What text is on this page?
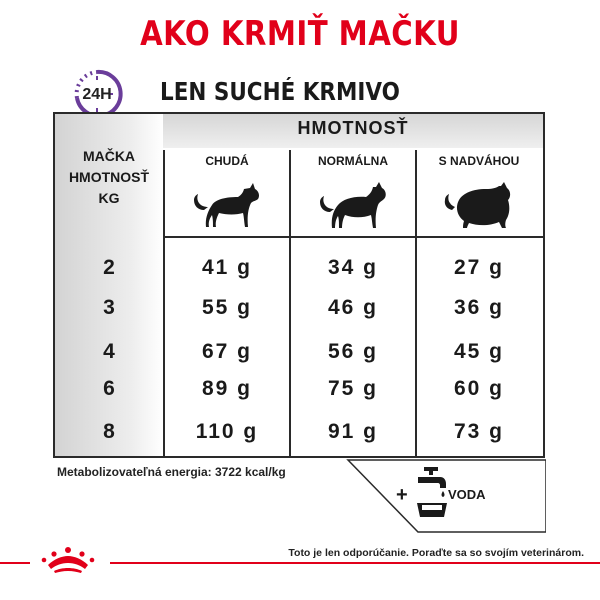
AKO KRMIŤ MAČKU
24H	LEN SUCHÉ KRMIVO
HMOTNOSŤ
MAČKA
HMOTNOSŤ
KG
CHUDÁ	NORMÁLNA	S NADVÁHOU
2	41 g	34 g	27 g
3	55 g	46 g	36 g
4	67 g	56 g	45 g
6	89 g	75 g	60 g
8	110 g	91 g	73 g
Metabolizovateľná energia: 3722 kcal/kg
+	VODA
Toto je len odporúčanie. Poraďte sa so svojím veterinárom.
